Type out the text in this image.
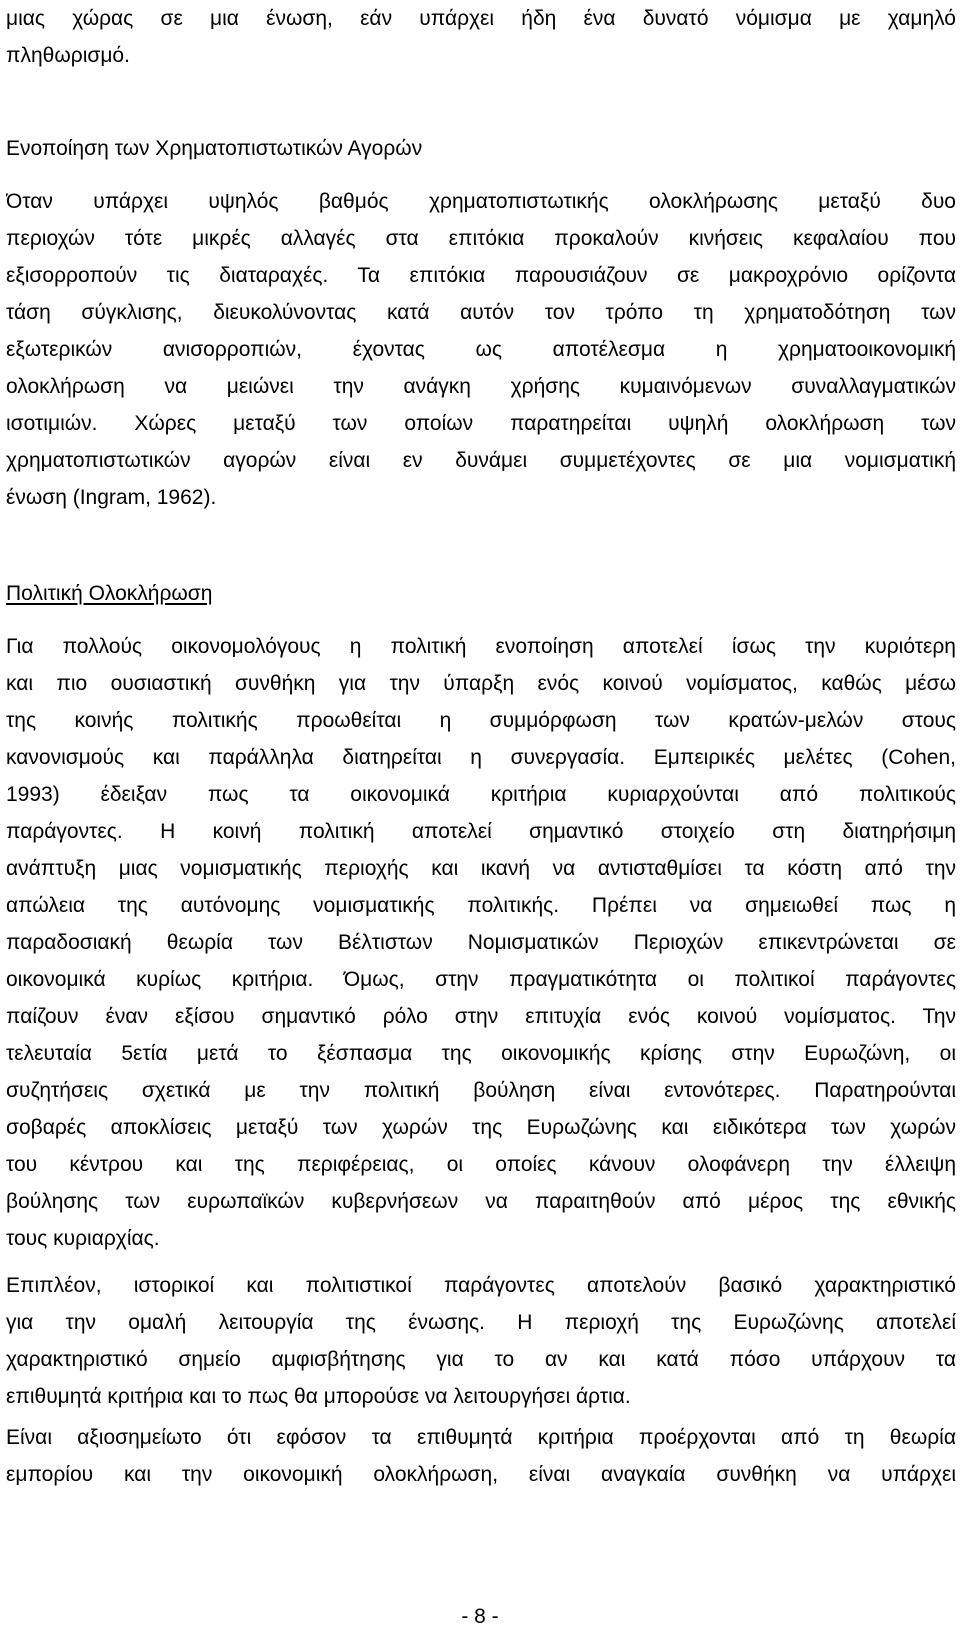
μιας χώρας σε μια ένωση, εάν υπάρχει ήδη ένα δυνατό νόμισμα με χαμηλό
πληθωρισμό.
Ενοποίηση των Χρηματοπιστωτικών Αγορών
Όταν υπάρχει υψηλός βαθμός χρηματοπιστωτικής ολοκλήρωσης μεταξύ δυο
περιοχών τότε μικρές αλλαγές στα επιτόκια προκαλούν κινήσεις κεφαλαίου που
εξισορροπούν τις διαταραχές. Τα επιτόκια παρουσιάζουν σε μακροχρόνιο ορίζοντα
τάση σύγκλισης, διευκολύνοντας κατά αυτόν τον τρόπο τη χρηματοδότηση των
εξωτερικών ανισορροπιών, έχοντας ως αποτέλεσμα η χρηματοοικονομική
ολοκλήρωση να μειώνει την ανάγκη χρήσης κυμαινόμενων συναλλαγματικών
ισοτιμιών. Χώρες μεταξύ των οποίων παρατηρείται υψηλή ολοκλήρωση των
χρηματοπιστωτικών αγορών είναι εν δυνάμει συμμετέχοντες σε μια νομισματική
ένωση (Ingram, 1962).
Πολιτική Ολοκλήρωση
Για πολλούς οικονομολόγους η πολιτική ενοποίηση αποτελεί ίσως την κυριότερη
και πιο ουσιαστική συνθήκη για την ύπαρξη ενός κοινού νομίσματος, καθώς μέσω
της κοινής πολιτικής προωθείται η συμμόρφωση των κρατών-μελών στους
κανονισμούς και παράλληλα διατηρείται η συνεργασία. Εμπειρικές μελέτες (Cohen,
1993) έδειξαν πως τα οικονομικά κριτήρια κυριαρχούνται από πολιτικούς
παράγοντες. Η κοινή πολιτική αποτελεί σημαντικό στοιχείο στη διατηρήσιμη
ανάπτυξη μιας νομισματικής περιοχής και ικανή να αντισταθμίσει τα κόστη από την
απώλεια της αυτόνομης νομισματικής πολιτικής. Πρέπει να σημειωθεί πως η
παραδοσιακή θεωρία των Βέλτιστων Νομισματικών Περιοχών επικεντρώνεται σε
οικονομικά κυρίως κριτήρια. Όμως, στην πραγματικότητα οι πολιτικοί παράγοντες
παίζουν έναν εξίσου σημαντικό ρόλο στην επιτυχία ενός κοινού νομίσματος. Την
τελευταία 5ετία μετά το ξέσπασμα της οικονομικής κρίσης στην Ευρωζώνη, οι
συζητήσεις σχετικά με την πολιτική βούληση είναι εντονότερες. Παρατηρούνται
σοβαρές αποκλίσεις μεταξύ των χωρών της Ευρωζώνης και ειδικότερα των χωρών
του κέντρου και της περιφέρειας, οι οποίες κάνουν ολοφάνερη την έλλειψη
βούλησης των ευρωπαϊκών κυβερνήσεων να παραιτηθούν από μέρος της εθνικής
τους κυριαρχίας.
Επιπλέον, ιστορικοί και πολιτιστικοί παράγοντες αποτελούν βασικό χαρακτηριστικό
για την ομαλή λειτουργία της ένωσης. Η περιοχή της Ευρωζώνης αποτελεί
χαρακτηριστικό σημείο αμφισβήτησης για το αν και κατά πόσο υπάρχουν τα
επιθυμητά κριτήρια και το πως θα μπορούσε να λειτουργήσει άρτια.
Είναι αξιοσημείωτο ότι εφόσον τα επιθυμητά κριτήρια προέρχονται από τη θεωρία
εμπορίου και την οικονομική ολοκλήρωση, είναι αναγκαία συνθήκη να υπάρχει
- 8 -
